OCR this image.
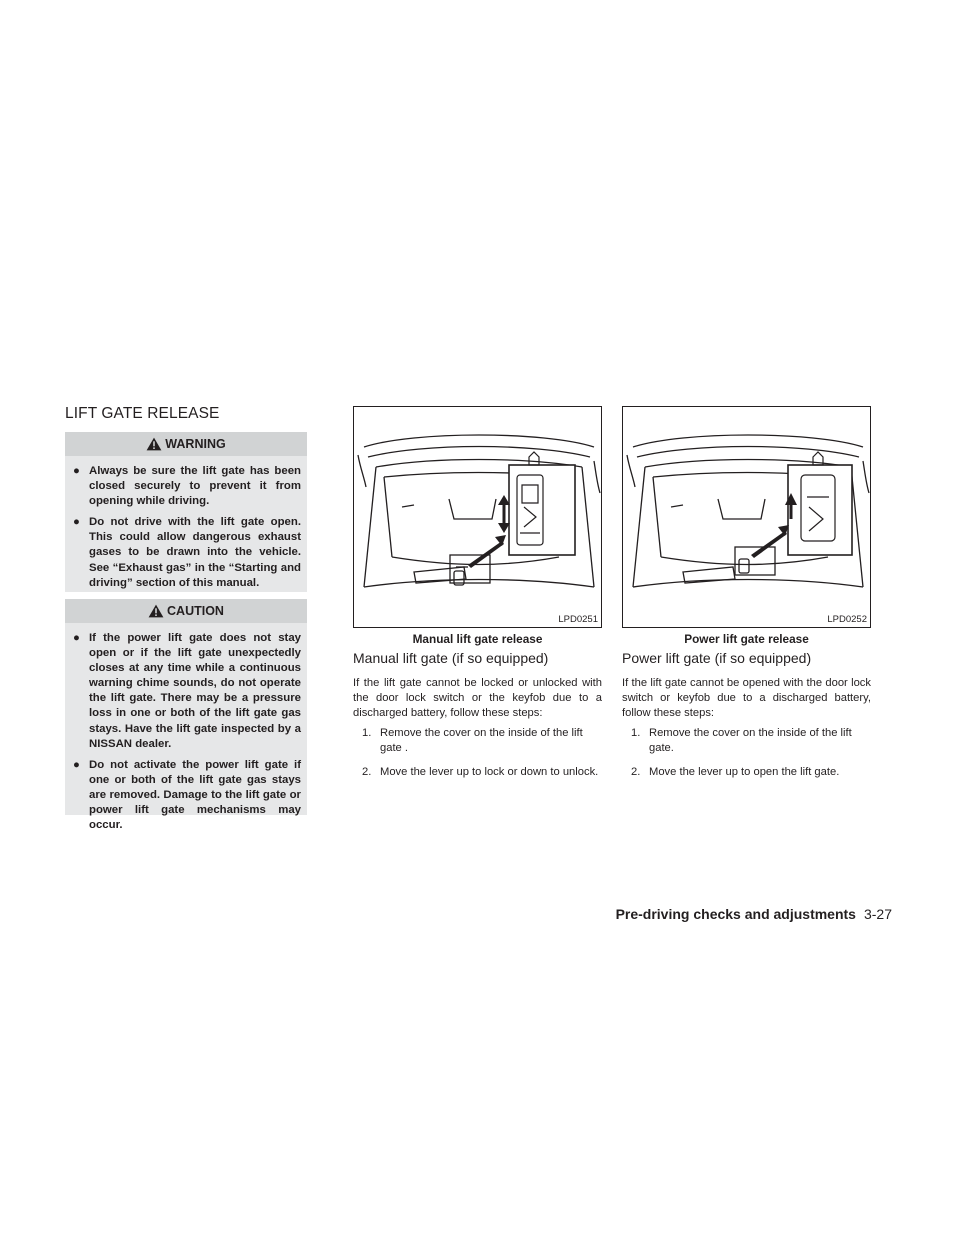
LIFT GATE RELEASE
WARNING
● Always be sure the lift gate has been closed securely to prevent it from opening while driving.
● Do not drive with the lift gate open. This could allow dangerous exhaust gases to be drawn into the vehicle. See “Exhaust gas” in the “Starting and driving” section of this manual.
CAUTION
● If the power lift gate does not stay open or if the lift gate unexpectedly closes at any time while a continuous warning chime sounds, do not operate the lift gate. There may be a pressure loss in one or both of the lift gate gas stays. Have the lift gate inspected by a NISSAN dealer.
● Do not activate the power lift gate if one or both of the lift gate gas stays are removed. Damage to the lift gate or power lift gate mechanisms may occur.
LPD0251
Manual lift gate release
LPD0252
Power lift gate release
Manual lift gate (if so equipped)

If the lift gate cannot be locked or unlocked with the door lock switch or the keyfob due to a discharged battery, follow these steps:

1. Remove the cover on the inside of the lift gate .
2. Move the lever up to lock or down to unlock.
Power lift gate (if so equipped)

If the lift gate cannot be opened with the door lock switch or keyfob due to a discharged battery, follow these steps:

1. Remove the cover on the inside of the lift gate.
2. Move the lever up to open the lift gate.
Pre-driving checks and adjustments 3-27
